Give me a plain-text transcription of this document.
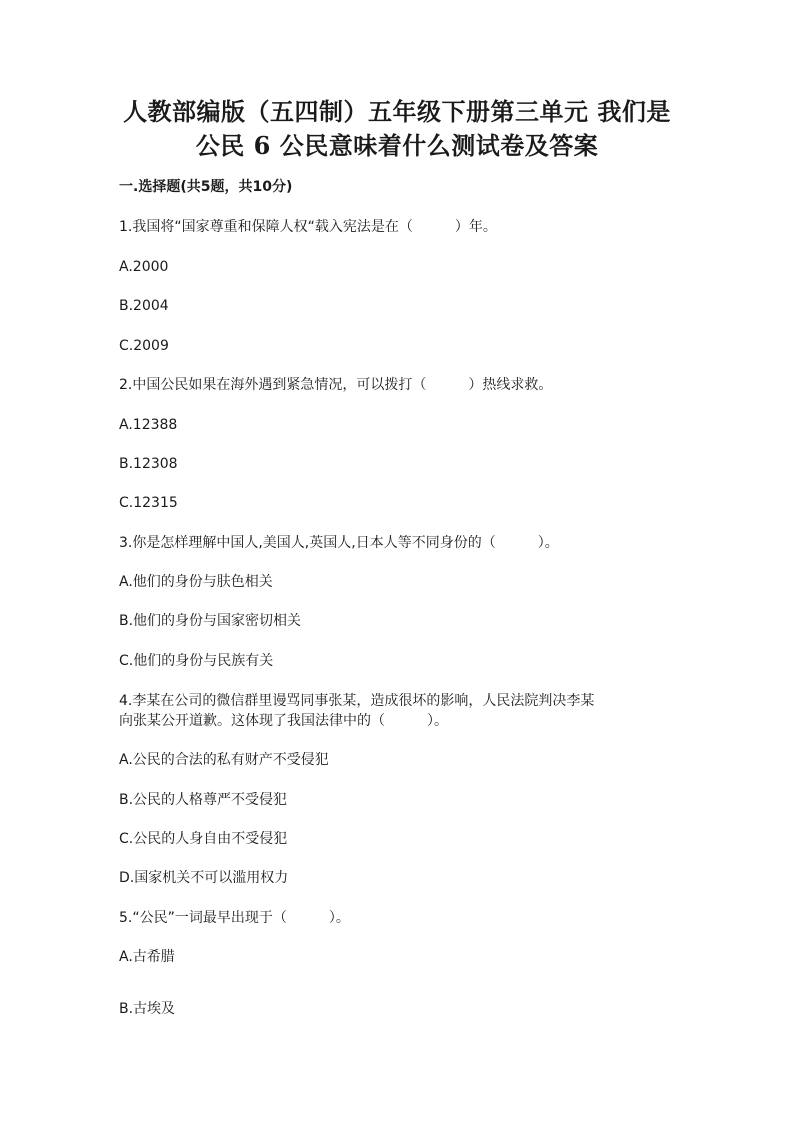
人教部编版（五四制）五年级下册第三单元 我们是
公民 6 公民意味着什么测试卷及答案
一.选择题(共5题，共10分)
1.我国将“国家尊重和保障人权“载入宪法是在（　　　）年。
A.2000
B.2004
C.2009
2.中国公民如果在海外遇到紧急情况，可以拨打（　　　）热线求救。
A.12388
B.12308
C.12315
3.你是怎样理解中国人,美国人,英国人,日本人等不同身份的（　　　）。
A.他们的身份与肤色相关
B.他们的身份与国家密切相关
C.他们的身份与民族有关
4.李某在公司的微信群里谩骂同事张某，造成很坏的影响，人民法院判决李某
向张某公开道歉。这体现了我国法律中的（　　　）。
A.公民的合法的私有财产不受侵犯
B.公民的人格尊严不受侵犯
C.公民的人身自由不受侵犯
D.国家机关不可以滥用权力
5.“公民”一词最早出现于（　　　）。
A.古希腊
B.古埃及
